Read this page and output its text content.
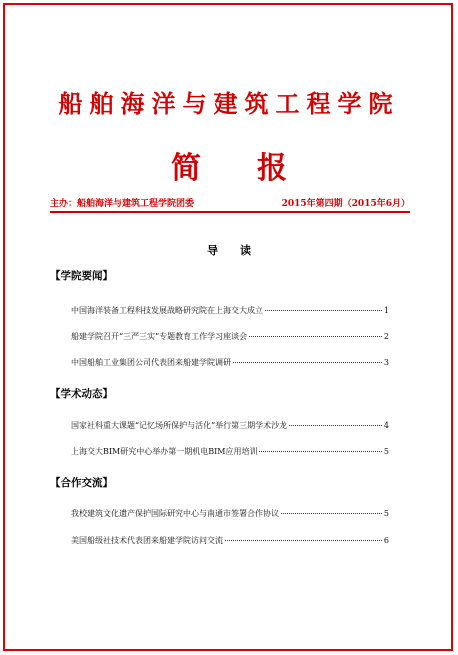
船舶海洋与建筑工程学院
简报
主办：船舶海洋与建筑工程学院团委	2015年第四期（2015年6月）
导读
【学院要闻】
中国海洋装备工程科技发展战略研究院在上海交大成立	1
船建学院召开“三严三实”专题教育工作学习座谈会	2
中国船舶工业集团公司代表团来船建学院调研	3
【学术动态】
国家社科重大课题“记忆场所保护与活化”举行第三期学术沙龙	4
上海交大BIM研究中心举办第一期机电BIM应用培训	5
【合作交流】
我校建筑文化遗产保护国际研究中心与南通市签署合作协议	5
美国船级社技术代表团来船建学院访问交流	6
